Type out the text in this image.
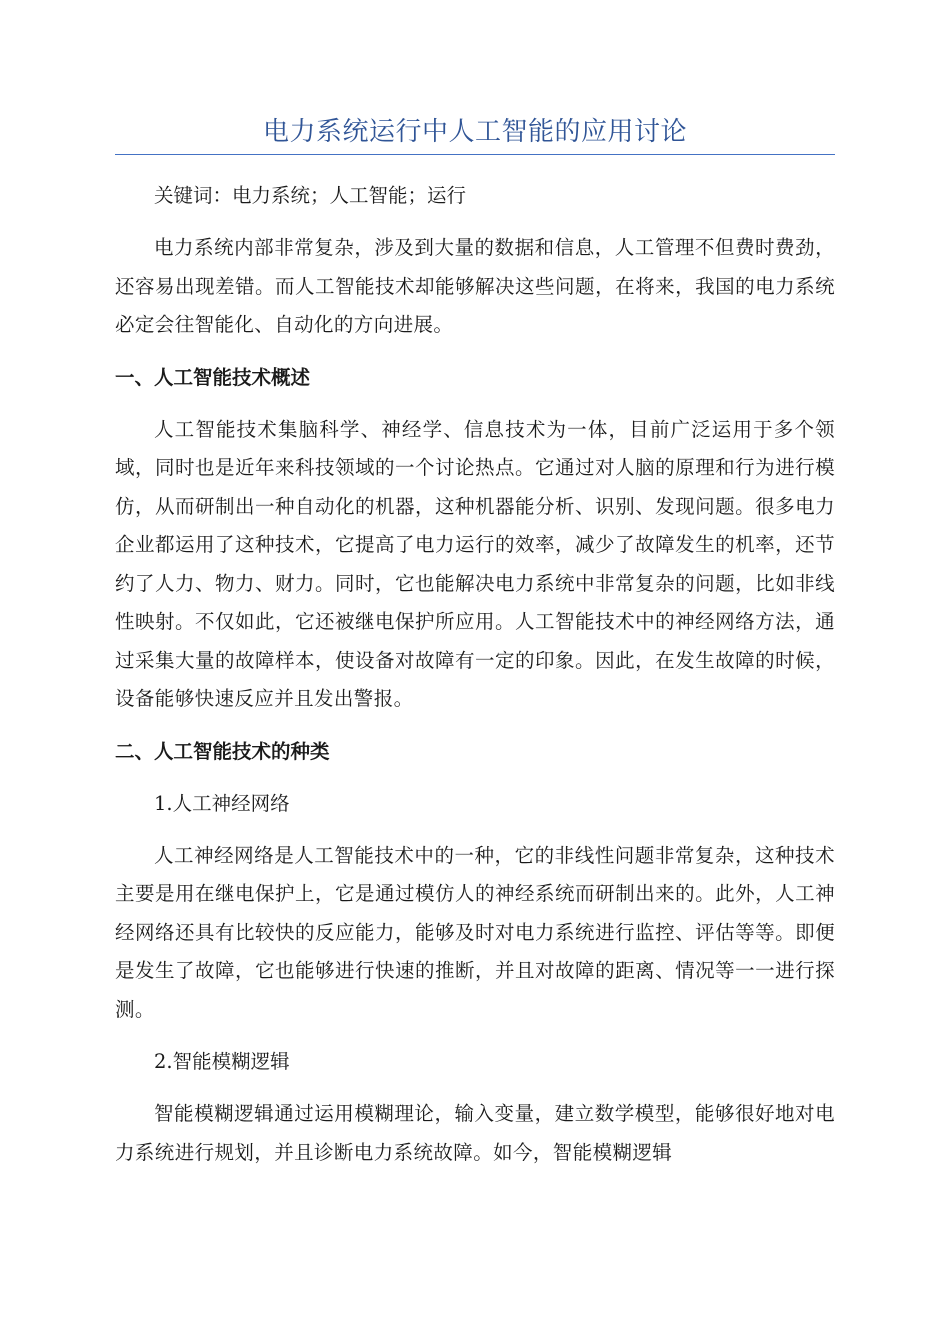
电力系统运行中人工智能的应用讨论

关键词：电力系统；人工智能；运行

电力系统内部非常复杂，涉及到大量的数据和信息，人工管理不但费时费劲，还容易出现差错。而人工智能技术却能够解决这些问题，在将来，我国的电力系统必定会往智能化、自动化的方向进展。

一、人工智能技术概述

人工智能技术集脑科学、神经学、信息技术为一体，目前广泛运用于多个领域，同时也是近年来科技领域的一个讨论热点。它通过对人脑的原理和行为进行模仿，从而研制出一种自动化的机器，这种机器能分析、识别、发现问题。很多电力企业都运用了这种技术，它提高了电力运行的效率，减少了故障发生的机率，还节约了人力、物力、财力。同时，它也能解决电力系统中非常复杂的问题，比如非线性映射。不仅如此，它还被继电保护所应用。人工智能技术中的神经网络方法，通过采集大量的故障样本，使设备对故障有一定的印象。因此，在发生故障的时候，设备能够快速反应并且发出警报。

二、人工智能技术的种类
1.人工神经网络

人工神经网络是人工智能技术中的一种，它的非线性问题非常复杂，这种技术主要是用在继电保护上，它是通过模仿人的神经系统而研制出来的。此外，人工神经网络还具有比较快的反应能力，能够及时对电力系统进行监控、评估等等。即便是发生了故障，它也能够进行快速的推断，并且对故障的距离、情况等一一进行探测。

2.智能模糊逻辑

智能模糊逻辑通过运用模糊理论，输入变量，建立数学模型，能够很好地对电力系统进行规划，并且诊断电力系统故障。如今，智能模糊逻辑
